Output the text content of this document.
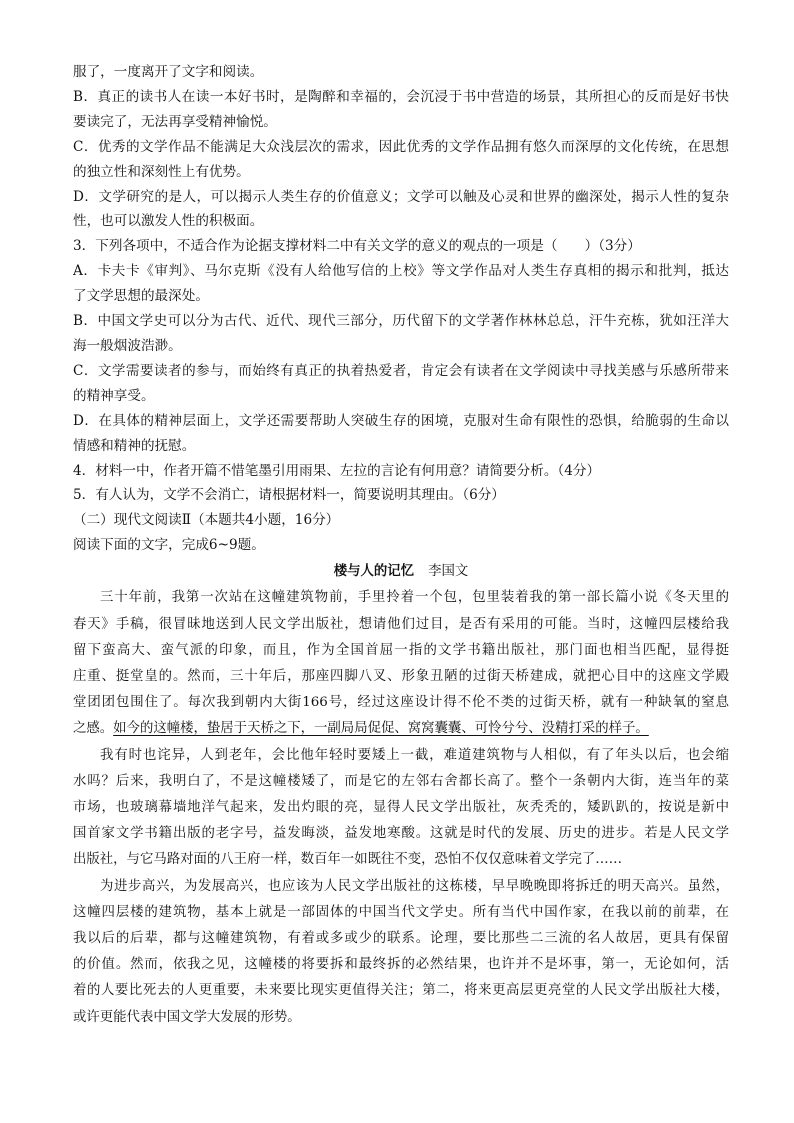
服了，一度离开了文字和阅读。
B．真正的读书人在读一本好书时，是陶醉和幸福的，会沉浸于书中营造的场景，其所担心的反而是好书快
要读完了，无法再享受精神愉悦。
C．优秀的文学作品不能满足大众浅层次的需求，因此优秀的文学作品拥有悠久而深厚的文化传统，在思想
的独立性和深刻性上有优势。
D．文学研究的是人，可以揭示人类生存的价值意义；文学可以触及心灵和世界的幽深处，揭示人性的复杂
性，也可以激发人性的积极面。
3．下列各项中，不适合作为论据支撑材料二中有关文学的意义的观点的一项是（　　）（3分）
A．卡夫卡《审判》、马尔克斯《没有人给他写信的上校》等文学作品对人类生存真相的揭示和批判，抵达
了文学思想的最深处。
B．中国文学史可以分为古代、近代、现代三部分，历代留下的文学著作林林总总，汗牛充栋，犹如汪洋大
海一般烟波浩渺。
C．文学需要读者的参与，而始终有真正的执着热爱者，肯定会有读者在文学阅读中寻找美感与乐感所带来
的精神享受。
D．在具体的精神层面上，文学还需要帮助人突破生存的困境，克服对生命有限性的恐惧，给脆弱的生命以
情感和精神的抚慰。
4．材料一中，作者开篇不惜笔墨引用雨果、左拉的言论有何用意？请简要分析。（4分）
5．有人认为，文学不会消亡，请根据材料一，简要说明其理由。（6分）
（二）现代文阅读Ⅱ（本题共4小题，16分）
阅读下面的文字，完成6~9题。
楼与人的记忆 李国文
三十年前，我第一次站在这幢建筑物前，手里拎着一个包，包里装着我的第一部长篇小说《冬天里的
春天》手稿，很冒昧地送到人民文学出版社，想请他们过目，是否有采用的可能。当时，这幢四层楼给我
留下蛮高大、蛮气派的印象，而且，作为全国首屈一指的文学书籍出版社，那门面也相当匹配，显得挺
庄重、挺堂皇的。然而，三十年后，那座四脚八叉、形象丑陋的过街天桥建成，就把心目中的这座文学殿
堂团团包围住了。每次我到朝内大街166号，经过这座设计得不伦不类的过街天桥，就有一种缺氧的窒息
之感。如今的这幢楼，蛰居于天桥之下，一副局局促促、窝窝囊囊、可怜兮兮、没精打采的样子。
我有时也诧异，人到老年，会比他年轻时要矮上一截，难道建筑物与人相似，有了年头以后，也会缩
水吗？后来，我明白了，不是这幢楼矮了，而是它的左邻右舍都长高了。整个一条朝内大街，连当年的菜
市场，也玻璃幕墙地洋气起来，发出灼眼的亮，显得人民文学出版社，灰秃秃的，矮趴趴的，按说是新中
国首家文学书籍出版的老字号，益发晦淡，益发地寒酸。这就是时代的发展、历史的进步。若是人民文学
出版社，与它马路对面的八王府一样，数百年一如既往不变，恐怕不仅仅意味着文学完了……
为进步高兴，为发展高兴，也应该为人民文学出版社的这栋楼，早早晚晚即将拆迁的明天高兴。虽然，
这幢四层楼的建筑物，基本上就是一部固体的中国当代文学史。所有当代中国作家，在我以前的前辈，在
我以后的后辈，都与这幢建筑物，有着或多或少的联系。论理，要比那些二三流的名人故居，更具有保留
的价值。然而，依我之见，这幢楼的将要拆和最终拆的必然结果，也许并不是坏事，第一，无论如何，活
着的人要比死去的人更重要，未来要比现实更值得关注；第二，将来更高层更亮堂的人民文学出版社大楼，
或许更能代表中国文学大发展的形势。
